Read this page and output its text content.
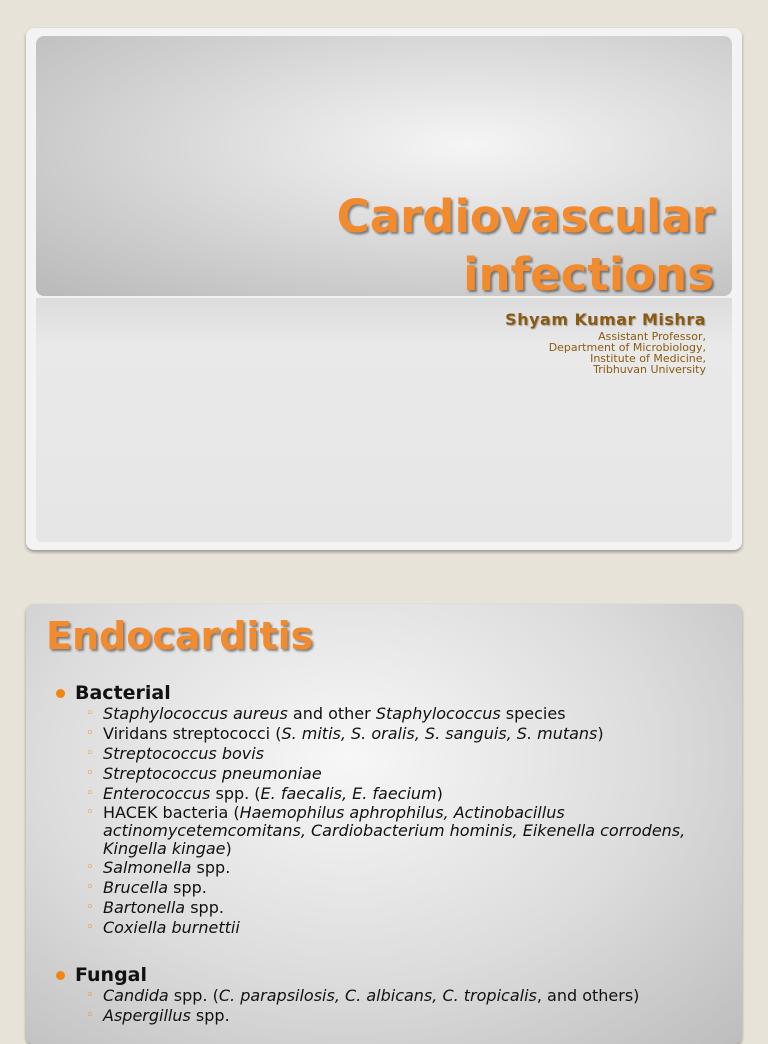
Cardiovascular
infections
Shyam Kumar Mishra
Assistant Professor,
Department of Microbiology,
Institute of Medicine,
Tribhuvan University
Endocarditis
Bacterial
◦ Staphylococcus aureus and other Staphylococcus species
◦ Viridans streptococci (S. mitis, S. oralis, S. sanguis, S. mutans)
◦ Streptococcus bovis
◦ Streptococcus pneumoniae
◦ Enterococcus spp. (E. faecalis, E. faecium)
◦ HACEK bacteria (Haemophilus aphrophilus, Actinobacillus actinomycetemcomitans, Cardiobacterium hominis, Eikenella corrodens, Kingella kingae)
◦ Salmonella spp.
◦ Brucella spp.
◦ Bartonella spp.
◦ Coxiella burnettii
Fungal
◦ Candida spp. (C. parapsilosis, C. albicans, C. tropicalis, and others)
◦ Aspergillus spp.
